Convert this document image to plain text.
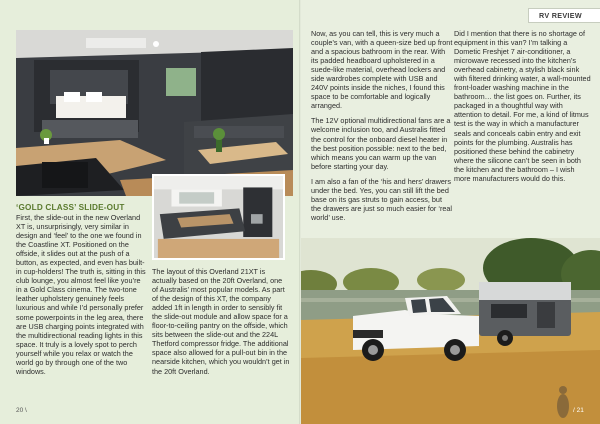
‘GOLD CLASS’ SLIDE-OUT

First, the slide-out in the new Overland XT is, unsurprisingly, very similar in design and ‘feel’ to the one we found in the Coastline XT. Positioned on the offside, it slides out at the push of a button, as expected, and even has built-in cup-holders! The truth is, sitting in this club lounge, you almost feel like you’re in a Gold Class cinema. The two-tone leather upholstery genuinely feels luxurious and while I’d personally prefer some powerpoints in the leg area, there are USB charging points integrated with the multidirectional reading lights in this space. It truly is a lovely spot to perch yourself while you relax or watch the world go by through one of the two windows.

The layout of this Overland 21XT is actually based on the 20ft Overland, one of Australis’ most popular models. As part of the design of this XT, the company added 1ft in length in order to sensibly fit the slide-out module and allow space for a floor-to-ceiling pantry on the offside, which sits between the slide-out and the 224L Thetford compressor fridge. The additional space also allowed for a pull-out bin in the nearside kitchen, which you wouldn’t get in the 20ft Overland.

Now, as you can tell, this is very much a couple’s van, with a queen-size bed up front and a spacious bathroom in the rear. With its padded headboard upholstered in a suede-like material, overhead lockers and side wardrobes complete with USB and 240V points inside the niches, I found this space to be comfortable and logically arranged.

The 12V optional multidirectional fans are a welcome inclusion too, and Australis fitted the control for the onboard diesel heater in the best position possible: next to the bed, which means you can warm up the van before starting your day.

I am also a fan of the ‘his and hers’ drawers under the bed. Yes, you can still lift the bed base on its gas struts to gain access, but the drawers are just so much easier for ‘real world’ use.

Did I mention that there is no shortage of equipment in this van? I’m talking a Dometic Freshjet 7 air-conditioner, a microwave recessed into the kitchen’s overhead cabinetry, a stylish black sink with filtered drinking water, a wall-mounted front-loader washing machine in the bathroom… the list goes on. Further, its packaged in a thoughtful way with attention to detail. For me, a kind of litmus test is the way in which a manufacturer seals and conceals cabin entry and exit points for the plumbing. Australis has positioned these behind the cabinetry where the silicone can’t be seen in both the kitchen and the bathroom – I wish more manufacturers would do this.

RV REVIEW
20 \	/ 21
